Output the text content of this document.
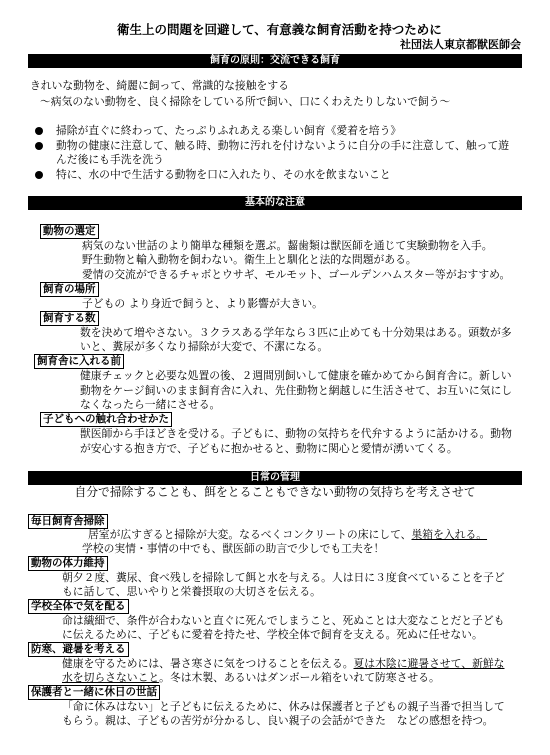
衛生上の問題を回避して、有意義な飼育活動を持つために
社団法人東京都獣医師会
飼育の原則：交流できる飼育
きれいな動物を、綺麗に飼って、常識的な接触をする
～病気のない動物を、良く掃除をしている所で飼い、口にくわえたりしないで飼う～
掃除が直ぐに終わって、たっぷりふれあえる楽しい飼育《愛着を培う》
動物の健康に注意して、触る時、動物に汚れを付けないように自分の手に注意して、触って遊
んだ後にも手洗を洗う
特に、水の中で生活する動物を口に入れたり、その水を飲まないこと
基本的な注意
動物の選定
病気のない世話のより簡単な種類を選ぶ。齧歯類は獣医師を通じて実験動物を入手。
野生動物と輸入動物を飼わない。衛生上と馴化と法的な問題がある。
愛情の交流ができるチャボとウサギ、モルモット、ゴールデンハムスター等がおすすめ。
飼育の場所
子どもの より身近で飼うと、より影響が大きい。
飼育する数
数を決めて増やさない。３クラスある学年なら３匹に止めても十分効果はある。頭数が多
いと、糞尿が多くなり掃除が大変で、不潔になる。
飼育舎に入れる前
健康チェックと必要な処置の後、２週間別飼いして健康を確かめてから飼育舎に。新しい
動物をケージ飼いのまま飼育舎に入れ、先住動物と網越しに生活させて、お互いに気にし
なくなったら一緒にさせる。
子どもへの触れ合わせかた
獣医師から手ほどきを受ける。子どもに、動物の気持ちを代弁するように話かける。動物
が安心する抱き方で、子どもに抱かせると、動物に関心と愛情が湧いてくる。
日常の管理
自分で掃除することも、餌をとることもできない動物の気持ちを考えさせて
毎日飼育舎掃除
居室が広すぎると掃除が大変。なるべくコンクリートの床にして、巣箱を入れる。
学校の実情・事情の中でも、獣医師の助言で少しでも工夫を！
動物の体力維持
朝夕２度、糞尿、食べ残しを掃除して餌と水を与える。人は日に３度食べていることを子ど
もに話して、思いやりと栄養摂取の大切さを伝える。
学校全体で気を配る
命は繊細で、条件が合わないと直ぐに死んでしまうこと、死ぬことは大変なことだと子ども
に伝えるために、子どもに愛着を持たせ、学校全体で飼育を支える。死ぬに任せない。
防寒、避暑を考える
健康を守るためには、暑さ寒さに気をつけることを伝える。夏は木陰に避暑させて、新鮮な
水を切らさないこと。冬は木製、あるいはダンボール箱をいれて防寒させる。
保護者と一緒に休日の世話
「命に休みはない」と子どもに伝えるために、休みは保護者と子どもの親子当番で担当して
もらう。親は、子どもの苦労が分かるし、良い親子の会話ができた　などの感想を持つ。
